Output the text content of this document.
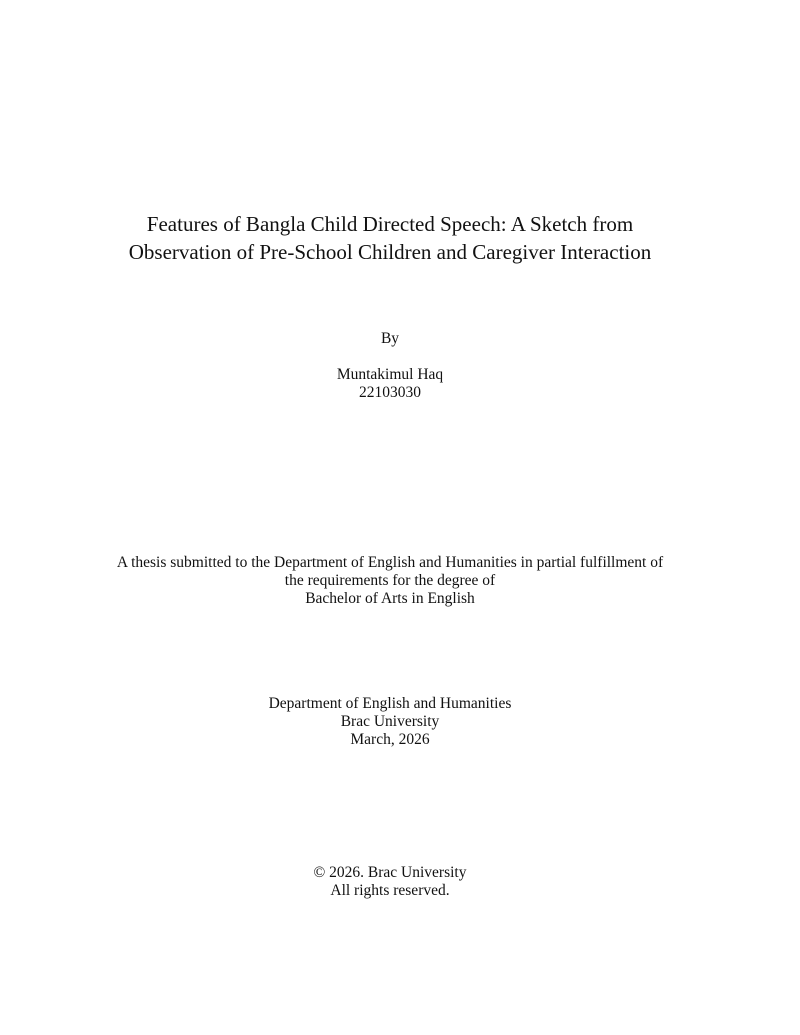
Features of Bangla Child Directed Speech: A Sketch from
Observation of Pre-School Children and Caregiver Interaction
By
Muntakimul Haq
22103030
A thesis submitted to the Department of English and Humanities in partial fulfillment of
the requirements for the degree of
Bachelor of Arts in English
Department of English and Humanities
Brac University
March, 2026
© 2026. Brac University
All rights reserved.
